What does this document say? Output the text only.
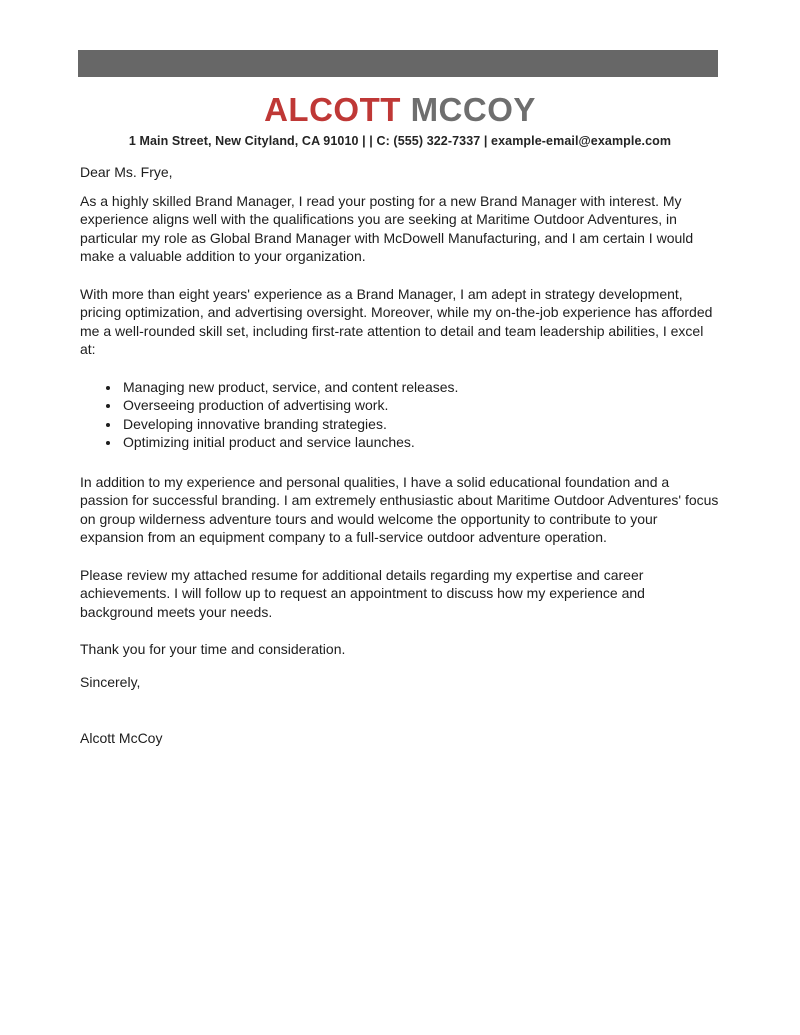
ALCOTT MCCOY

1 Main Street, New Cityland, CA 91010 | | C: (555) 322-7337 | example-email@example.com

Dear Ms. Frye,

As a highly skilled Brand Manager, I read your posting for a new Brand Manager with interest. My experience aligns well with the qualifications you are seeking at Maritime Outdoor Adventures, in particular my role as Global Brand Manager with McDowell Manufacturing, and I am certain I would make a valuable addition to your organization.

With more than eight years' experience as a Brand Manager, I am adept in strategy development, pricing optimization, and advertising oversight. Moreover, while my on-the-job experience has afforded me a well-rounded skill set, including first-rate attention to detail and team leadership abilities, I excel at:

• Managing new product, service, and content releases.
• Overseeing production of advertising work.
• Developing innovative branding strategies.
• Optimizing initial product and service launches.

In addition to my experience and personal qualities, I have a solid educational foundation and a passion for successful branding. I am extremely enthusiastic about Maritime Outdoor Adventures' focus on group wilderness adventure tours and would welcome the opportunity to contribute to your expansion from an equipment company to a full-service outdoor adventure operation.

Please review my attached resume for additional details regarding my expertise and career achievements. I will follow up to request an appointment to discuss how my experience and background meets your needs.

Thank you for your time and consideration.

Sincerely,

Alcott McCoy
